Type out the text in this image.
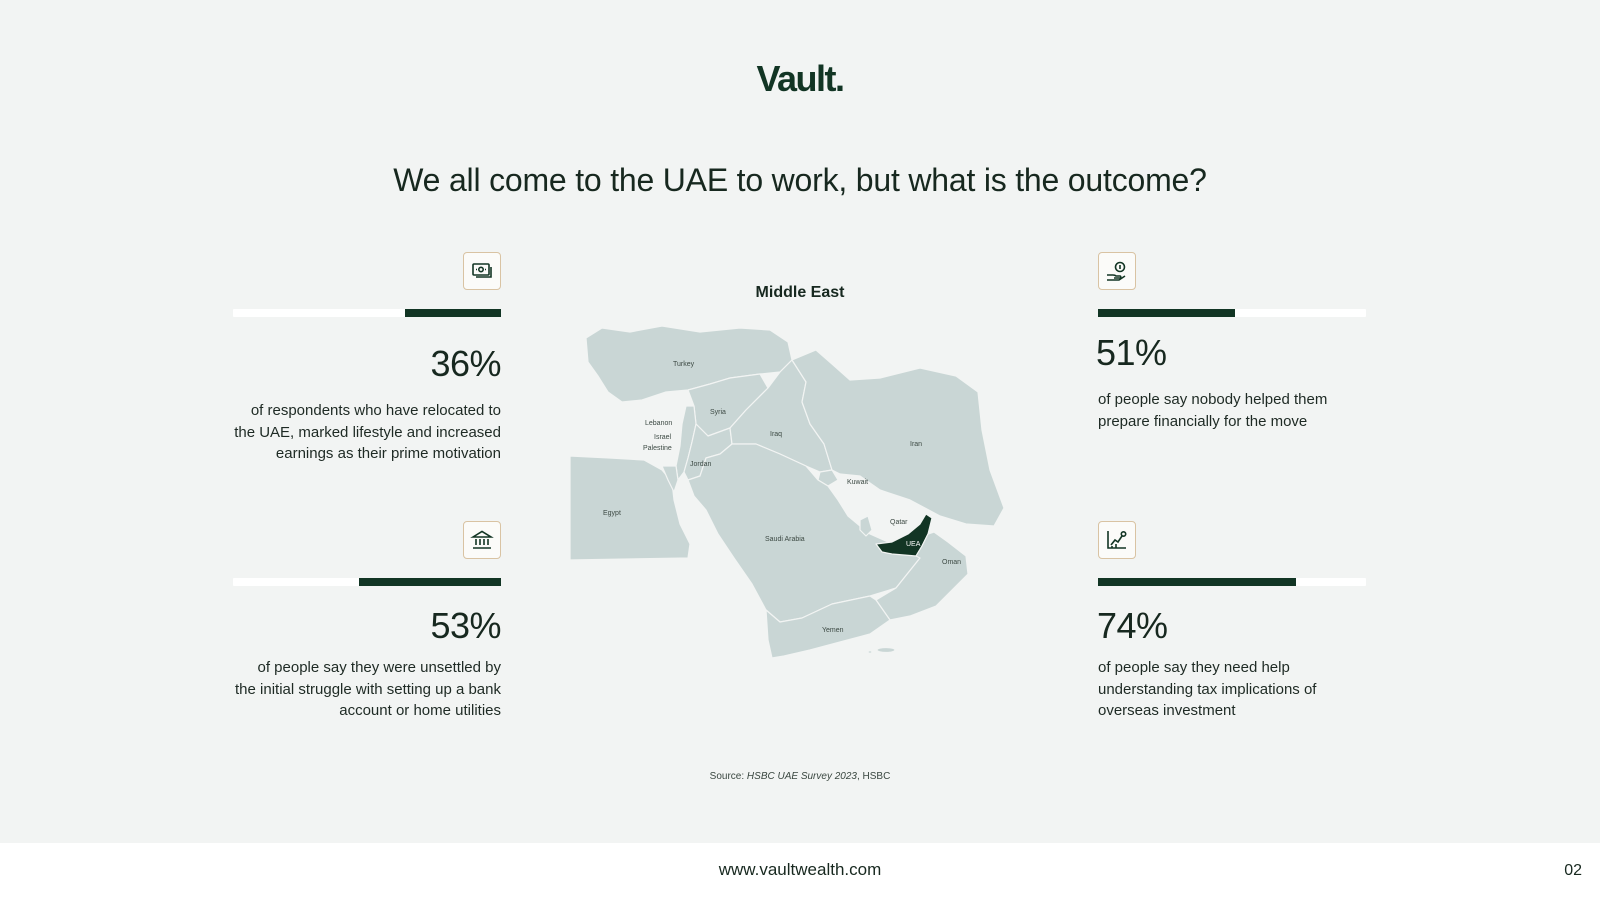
Vault.
We all come to the UAE to work, but what is the outcome?
36%
of respondents who have relocated to the UAE, marked lifestyle and increased earnings as their prime motivation
53%
of people say they were unsettled by the initial struggle with setting up a bank account or home utilities
51%
of people say nobody helped them prepare financially for the move
74%
of people say they need help understanding tax implications of overseas investment
Middle East
Turkey
Syria
Lebanon
Israel
Palestine
Jordan
Iraq
Iran
Kuwait
Egypt
Saudi Arabia
Qatar
UEA
Oman
Yemen
Source: HSBC UAE Survey 2023, HSBC
www.vaultwealth.com	02
